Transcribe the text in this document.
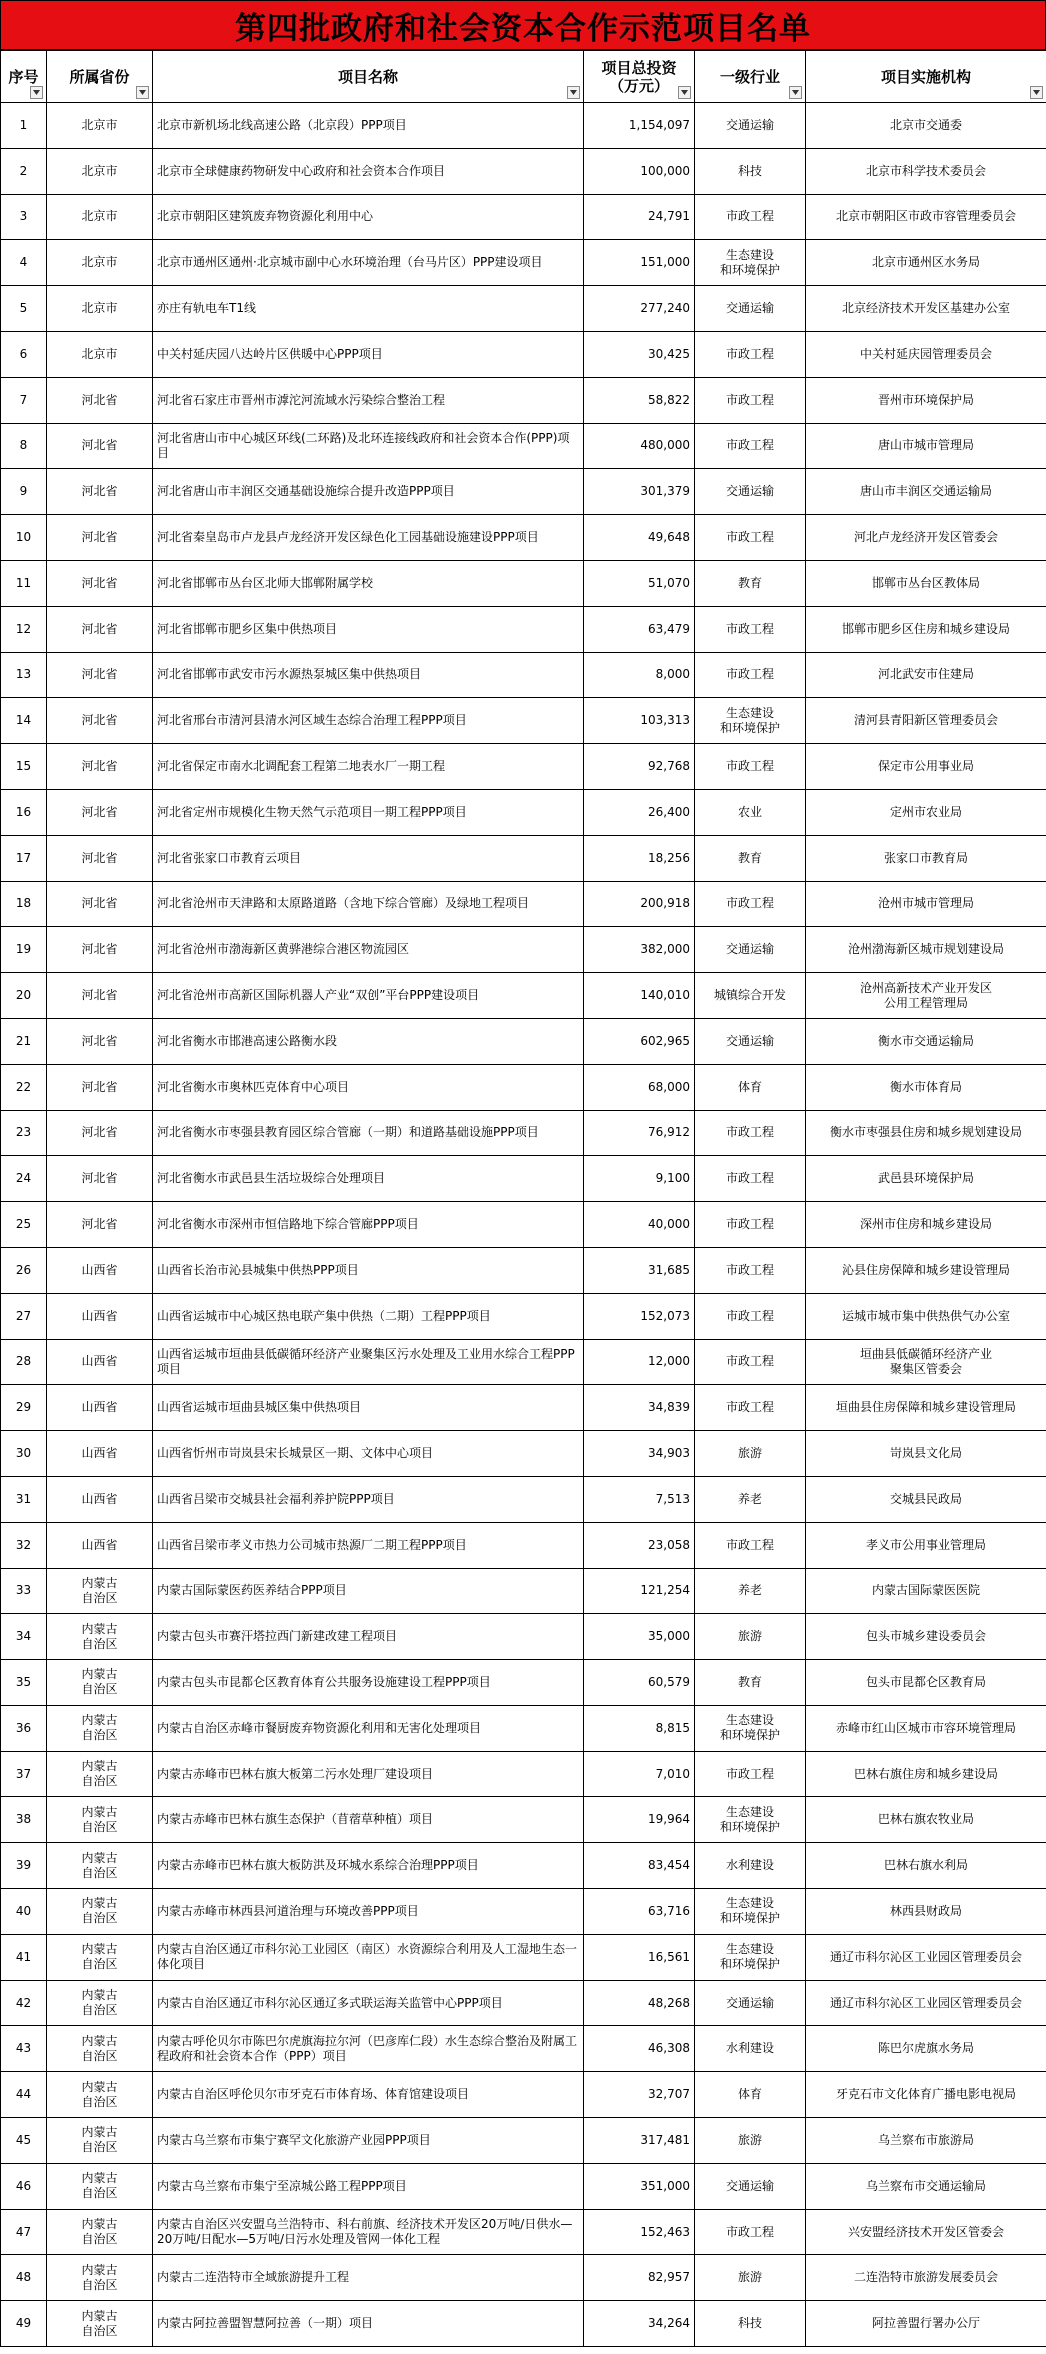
第四批政府和社会资本合作示范项目名单
序号	所属省份	项目名称	项目总投资
（万元）	一级行业	项目实施机构

1	北京市	北京市新机场北线高速公路（北京段）PPP项目	1,154,097	交通运输	北京市交通委
2	北京市	北京市全球健康药物研发中心政府和社会资本合作项目	100,000	科技	北京市科学技术委员会
3	北京市	北京市朝阳区建筑废弃物资源化利用中心	24,791	市政工程	北京市朝阳区市政市容管理委员会
4	北京市	北京市通州区通州·北京城市副中心水环境治理（台马片区）PPP建设项目	151,000	生态建设
和环境保护	北京市通州区水务局
5	北京市	亦庄有轨电车T1线	277,240	交通运输	北京经济技术开发区基建办公室
6	北京市	中关村延庆园八达岭片区供暖中心PPP项目	30,425	市政工程	中关村延庆园管理委员会
7	河北省	河北省石家庄市晋州市滹沱河流域水污染综合整治工程	58,822	市政工程	晋州市环境保护局
8	河北省	河北省唐山市中心城区环线(二环路)及北环连接线政府和社会资本合作(PPP)项目	480,000	市政工程	唐山市城市管理局
9	河北省	河北省唐山市丰润区交通基础设施综合提升改造PPP项目	301,379	交通运输	唐山市丰润区交通运输局
10	河北省	河北省秦皇岛市卢龙县卢龙经济开发区绿色化工园基础设施建设PPP项目	49,648	市政工程	河北卢龙经济开发区管委会
11	河北省	河北省邯郸市丛台区北师大邯郸附属学校	51,070	教育	邯郸市丛台区教体局
12	河北省	河北省邯郸市肥乡区集中供热项目	63,479	市政工程	邯郸市肥乡区住房和城乡建设局
13	河北省	河北省邯郸市武安市污水源热泵城区集中供热项目	8,000	市政工程	河北武安市住建局
14	河北省	河北省邢台市清河县清水河区域生态综合治理工程PPP项目	103,313	生态建设
和环境保护	清河县青阳新区管理委员会
15	河北省	河北省保定市南水北调配套工程第二地表水厂一期工程	92,768	市政工程	保定市公用事业局
16	河北省	河北省定州市规模化生物天然气示范项目一期工程PPP项目	26,400	农业	定州市农业局
17	河北省	河北省张家口市教育云项目	18,256	教育	张家口市教育局
18	河北省	河北省沧州市天津路和太原路道路（含地下综合管廊）及绿地工程项目	200,918	市政工程	沧州市城市管理局
19	河北省	河北省沧州市渤海新区黄骅港综合港区物流园区	382,000	交通运输	沧州渤海新区城市规划建设局
20	河北省	河北省沧州市高新区国际机器人产业“双创”平台PPP建设项目	140,010	城镇综合开发	沧州高新技术产业开发区
公用工程管理局
21	河北省	河北省衡水市邯港高速公路衡水段	602,965	交通运输	衡水市交通运输局
22	河北省	河北省衡水市奥林匹克体育中心项目	68,000	体育	衡水市体育局
23	河北省	河北省衡水市枣强县教育园区综合管廊（一期）和道路基础设施PPP项目	76,912	市政工程	衡水市枣强县住房和城乡规划建设局
24	河北省	河北省衡水市武邑县生活垃圾综合处理项目	9,100	市政工程	武邑县环境保护局
25	河北省	河北省衡水市深州市恒信路地下综合管廊PPP项目	40,000	市政工程	深州市住房和城乡建设局
26	山西省	山西省长治市沁县城集中供热PPP项目	31,685	市政工程	沁县住房保障和城乡建设管理局
27	山西省	山西省运城市中心城区热电联产集中供热（二期）工程PPP项目	152,073	市政工程	运城市城市集中供热供气办公室
28	山西省	山西省运城市垣曲县低碳循环经济产业聚集区污水处理及工业用水综合工程PPP项目	12,000	市政工程	垣曲县低碳循环经济产业
聚集区管委会
29	山西省	山西省运城市垣曲县城区集中供热项目	34,839	市政工程	垣曲县住房保障和城乡建设管理局
30	山西省	山西省忻州市岢岚县宋长城景区一期、文体中心项目	34,903	旅游	岢岚县文化局
31	山西省	山西省吕梁市交城县社会福利养护院PPP项目	7,513	养老	交城县民政局
32	山西省	山西省吕梁市孝义市热力公司城市热源厂二期工程PPP项目	23,058	市政工程	孝义市公用事业管理局
33	内蒙古
自治区	内蒙古国际蒙医药医养结合PPP项目	121,254	养老	内蒙古国际蒙医医院
34	内蒙古
自治区	内蒙古包头市赛汗塔拉西门新建改建工程项目	35,000	旅游	包头市城乡建设委员会
35	内蒙古
自治区	内蒙古包头市昆都仑区教育体育公共服务设施建设工程PPP项目	60,579	教育	包头市昆都仑区教育局
36	内蒙古
自治区	内蒙古自治区赤峰市餐厨废弃物资源化利用和无害化处理项目	8,815	生态建设
和环境保护	赤峰市红山区城市市容环境管理局
37	内蒙古
自治区	内蒙古赤峰市巴林右旗大板第二污水处理厂建设项目	7,010	市政工程	巴林右旗住房和城乡建设局
38	内蒙古
自治区	内蒙古赤峰市巴林右旗生态保护（苜蓿草种植）项目	19,964	生态建设
和环境保护	巴林右旗农牧业局
39	内蒙古
自治区	内蒙古赤峰市巴林右旗大板防洪及环城水系综合治理PPP项目	83,454	水利建设	巴林右旗水利局
40	内蒙古
自治区	内蒙古赤峰市林西县河道治理与环境改善PPP项目	63,716	生态建设
和环境保护	林西县财政局
41	内蒙古
自治区	内蒙古自治区通辽市科尔沁工业园区（南区）水资源综合利用及人工湿地生态一体化项目	16,561	生态建设
和环境保护	通辽市科尔沁区工业园区管理委员会
42	内蒙古
自治区	内蒙古自治区通辽市科尔沁区通辽多式联运海关监管中心PPP项目	48,268	交通运输	通辽市科尔沁区工业园区管理委员会
43	内蒙古
自治区	内蒙古呼伦贝尔市陈巴尔虎旗海拉尔河（巴彦库仁段）水生态综合整治及附属工程政府和社会资本合作（PPP）项目	46,308	水利建设	陈巴尔虎旗水务局
44	内蒙古
自治区	内蒙古自治区呼伦贝尔市牙克石市体育场、体育馆建设项目	32,707	体育	牙克石市文化体育广播电影电视局
45	内蒙古
自治区	内蒙古乌兰察布市集宁赛罕文化旅游产业园PPP项目	317,481	旅游	乌兰察布市旅游局
46	内蒙古
自治区	内蒙古乌兰察布市集宁至凉城公路工程PPP项目	351,000	交通运输	乌兰察布市交通运输局
47	内蒙古
自治区	内蒙古自治区兴安盟乌兰浩特市、科右前旗、经济技术开发区20万吨/日供水—20万吨/日配水—5万吨/日污水处理及管网一体化工程	152,463	市政工程	兴安盟经济技术开发区管委会
48	内蒙古
自治区	内蒙古二连浩特市全域旅游提升工程	82,957	旅游	二连浩特市旅游发展委员会
49	内蒙古
自治区	内蒙古阿拉善盟智慧阿拉善（一期）项目	34,264	科技	阿拉善盟行署办公厅
